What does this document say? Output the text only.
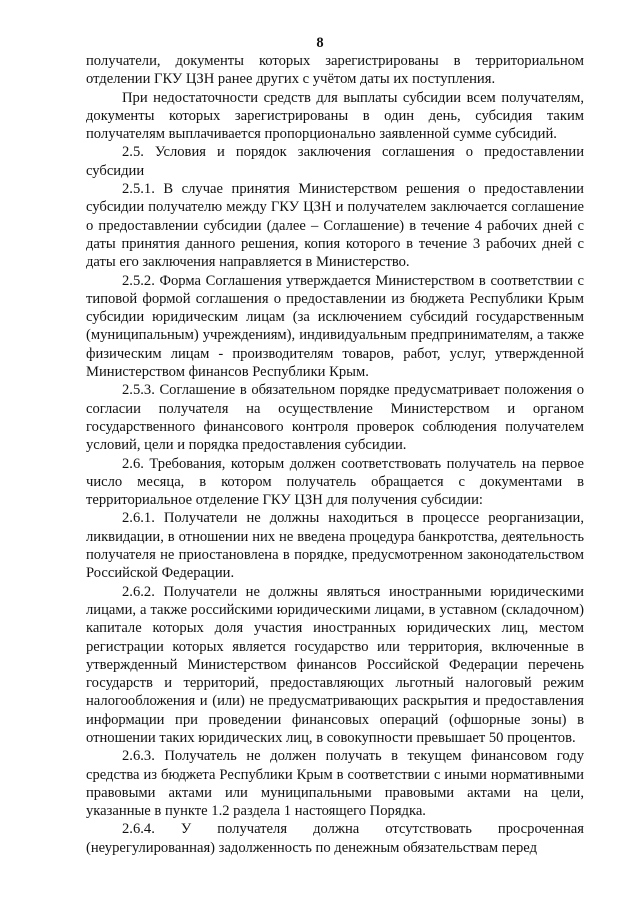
8

получатели, документы которых зарегистрированы в территориальном отделении ГКУ ЦЗН ранее других с учётом даты их поступления.

При недостаточности средств для выплаты субсидии всем получателям, документы которых зарегистрированы в один день, субсидия таким получателям выплачивается пропорционально заявленной сумме субсидий.

2.5. Условия и порядок заключения соглашения о предоставлении субсидии

2.5.1. В случае принятия Министерством решения о предоставлении субсидии получателю между ГКУ ЦЗН и получателем заключается соглашение о предоставлении субсидии (далее – Соглашение) в течение 4 рабочих дней с даты принятия данного решения, копия которого в течение 3 рабочих дней с даты его заключения направляется в Министерство.

2.5.2. Форма Соглашения утверждается Министерством в соответствии с типовой формой соглашения о предоставлении из бюджета Республики Крым субсидии юридическим лицам (за исключением субсидий государственным (муниципальным) учреждениям), индивидуальным предпринимателям, а также физическим лицам - производителям товаров, работ, услуг, утвержденной Министерством финансов Республики Крым.

2.5.3. Соглашение в обязательном порядке предусматривает положения о согласии получателя на осуществление Министерством и органом государственного финансового контроля проверок соблюдения получателем условий, цели и порядка предоставления субсидии.

2.6. Требования, которым должен соответствовать получатель на первое число месяца, в котором получатель обращается с документами в территориальное отделение ГКУ ЦЗН для получения субсидии:

2.6.1. Получатели не должны находиться в процессе реорганизации, ликвидации, в отношении них не введена процедура банкротства, деятельность получателя не приостановлена в порядке, предусмотренном законодательством Российской Федерации.

2.6.2. Получатели не должны являться иностранными юридическими лицами, а также российскими юридическими лицами, в уставном (складочном) капитале которых доля участия иностранных юридических лиц, местом регистрации которых является государство или территория, включенные в утвержденный Министерством финансов Российской Федерации перечень государств и территорий, предоставляющих льготный налоговый режим налогообложения и (или) не предусматривающих раскрытия и предоставления информации при проведении финансовых операций (офшорные зоны) в отношении таких юридических лиц, в совокупности превышает 50 процентов.

2.6.3. Получатель не должен получать в текущем финансовом году средства из бюджета Республики Крым в соответствии с иными нормативными правовыми актами или муниципальными правовыми актами на цели, указанные в пункте 1.2 раздела 1 настоящего Порядка.

2.6.4. У получателя должна отсутствовать просроченная (неурегулированная) задолженность по денежным обязательствам перед
